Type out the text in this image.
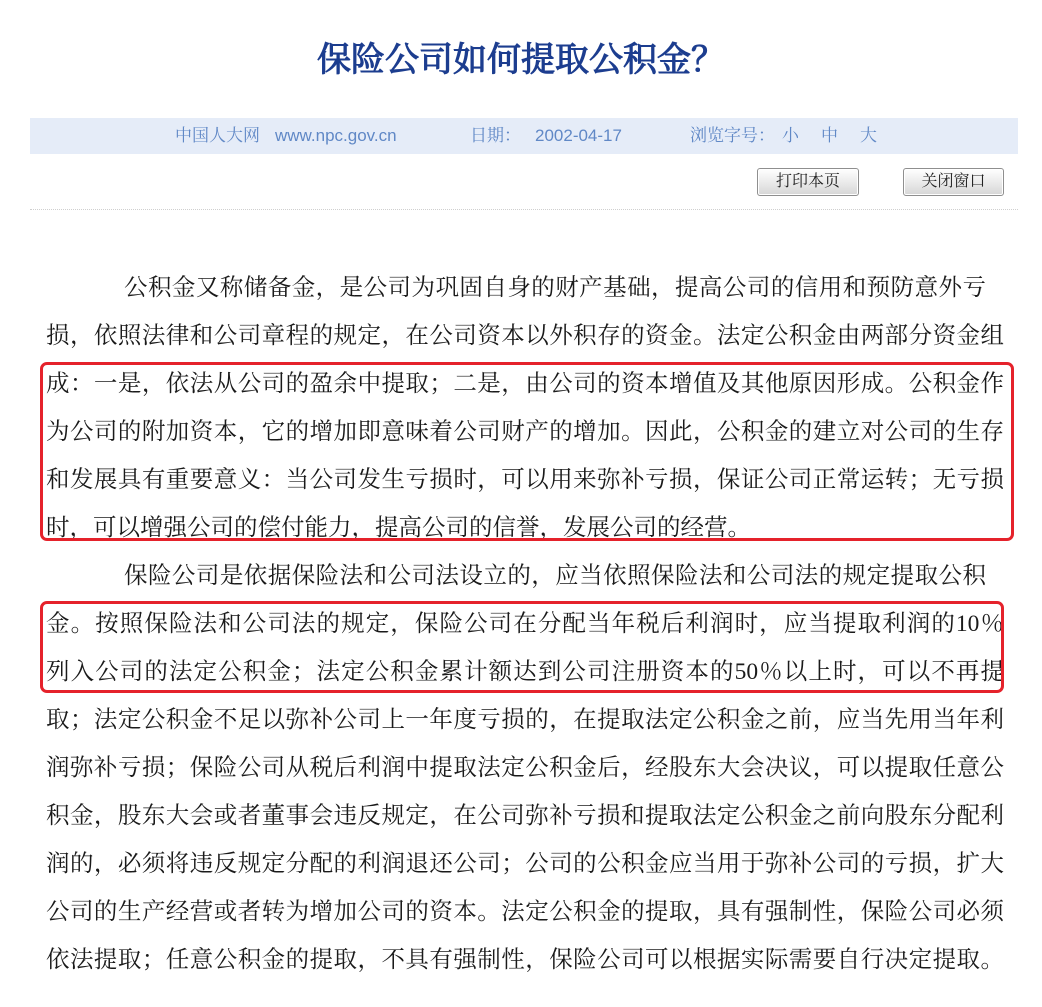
保险公司如何提取公积金？
中国人大网 www.npc.gov.cn	日期： 2002-04-17	浏览字号： 小 中 大
打印本页	关闭窗口
公积金又称储备金，是公司为巩固自身的财产基础，提高公司的信用和预防意外亏
损，依照法律和公司章程的规定，在公司资本以外积存的资金。法定公积金由两部分资金组
成：一是，依法从公司的盈余中提取；二是，由公司的资本增值及其他原因形成。公积金作
为公司的附加资本，它的增加即意味着公司财产的增加。因此，公积金的建立对公司的生存
和发展具有重要意义：当公司发生亏损时，可以用来弥补亏损，保证公司正常运转；无亏损
时，可以增强公司的偿付能力，提高公司的信誉，发展公司的经营。
保险公司是依据保险法和公司法设立的，应当依照保险法和公司法的规定提取公积
金。按照保险法和公司法的规定，保险公司在分配当年税后利润时，应当提取利润的10％
列入公司的法定公积金；法定公积金累计额达到公司注册资本的50％以上时，可以不再提
取；法定公积金不足以弥补公司上一年度亏损的，在提取法定公积金之前，应当先用当年利
润弥补亏损；保险公司从税后利润中提取法定公积金后，经股东大会决议，可以提取任意公
积金，股东大会或者董事会违反规定，在公司弥补亏损和提取法定公积金之前向股东分配利
润的，必须将违反规定分配的利润退还公司；公司的公积金应当用于弥补公司的亏损，扩大
公司的生产经营或者转为增加公司的资本。法定公积金的提取，具有强制性，保险公司必须
依法提取；任意公积金的提取，不具有强制性，保险公司可以根据实际需要自行决定提取。
